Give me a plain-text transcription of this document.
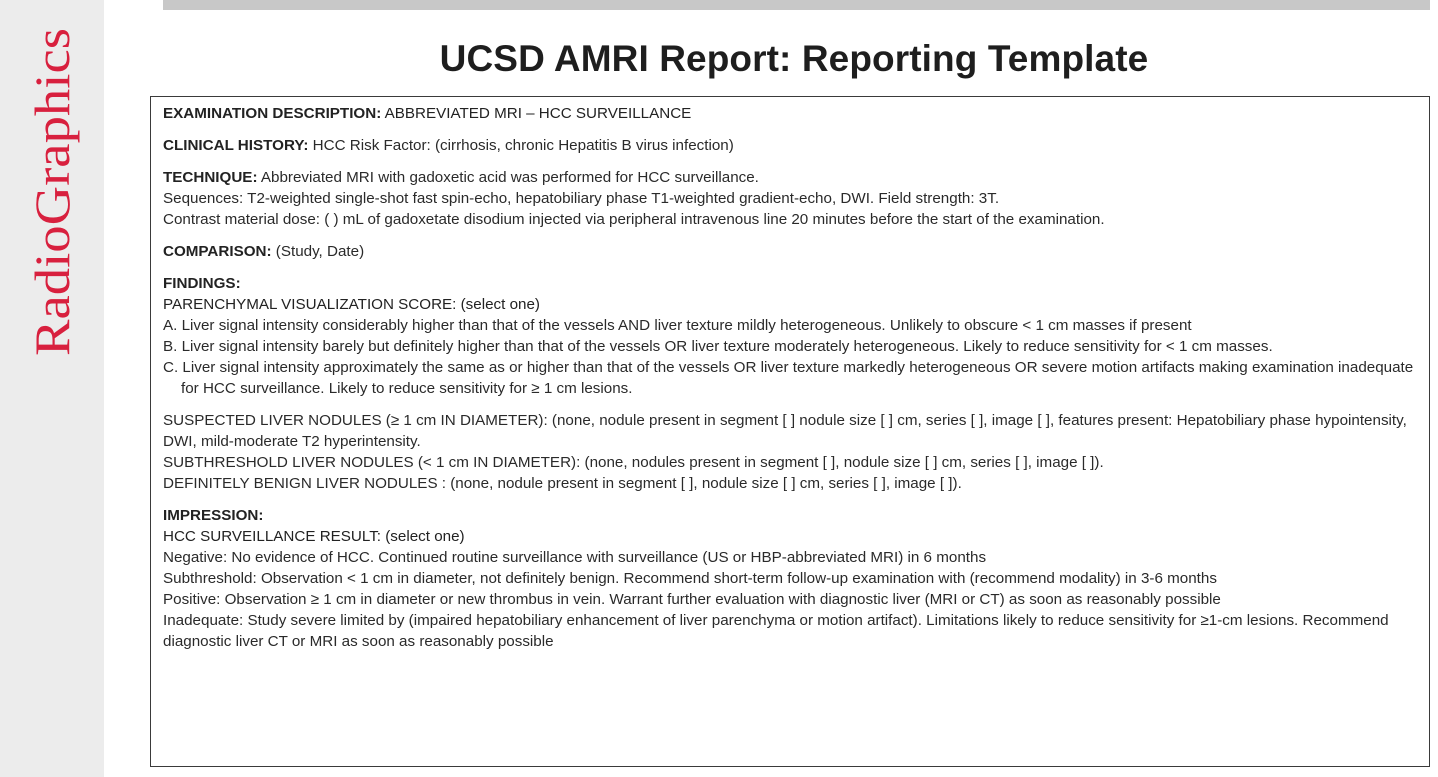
RadioGraphics	UCSD AMRI Report: Reporting Template

EXAMINATION DESCRIPTION: ABBREVIATED MRI – HCC SURVEILLANCE

CLINICAL HISTORY: HCC Risk Factor: (cirrhosis, chronic Hepatitis B virus infection)

TECHNIQUE: Abbreviated MRI with gadoxetic acid was performed for HCC surveillance.

Sequences: T2-weighted single-shot fast spin-echo, hepatobiliary phase T1-weighted gradient-echo, DWI. Field strength: 3T.

Contrast material dose: ( ) mL of gadoxetate disodium injected via peripheral intravenous line 20 minutes before the start of the examination.

COMPARISON: (Study, Date)

FINDINGS:

PARENCHYMAL VISUALIZATION SCORE: (select one)

A. Liver signal intensity considerably higher than that of the vessels AND liver texture mildly heterogeneous. Unlikely to obscure < 1 cm masses if present

B. Liver signal intensity barely but definitely higher than that of the vessels OR liver texture moderately heterogeneous. Likely to reduce sensitivity for < 1 cm masses.

C. Liver signal intensity approximately the same as or higher than that of the vessels OR liver texture markedly heterogeneous OR severe motion artifacts making examination inadequate for HCC surveillance. Likely to reduce sensitivity for ≥ 1 cm lesions.

SUSPECTED LIVER NODULES (≥ 1 cm IN DIAMETER): (none, nodule present in segment [ ] nodule size [ ] cm, series [ ], image [ ], features present: Hepatobiliary phase hypointensity, DWI, mild-moderate T2 hyperintensity.

SUBTHRESHOLD LIVER NODULES (< 1 cm IN DIAMETER): (none, nodules present in segment [ ], nodule size [ ] cm, series [ ], image [ ]).

DEFINITELY BENIGN LIVER NODULES : (none, nodule present in segment [ ], nodule size [ ] cm, series [ ], image [ ]).

IMPRESSION:

HCC SURVEILLANCE RESULT: (select one)

Negative: No evidence of HCC. Continued routine surveillance with surveillance (US or HBP-abbreviated MRI) in 6 months

Subthreshold: Observation < 1 cm in diameter, not definitely benign. Recommend short-term follow-up examination with (recommend modality) in 3-6 months

Positive: Observation ≥ 1 cm in diameter or new thrombus in vein. Warrant further evaluation with diagnostic liver (MRI or CT) as soon as reasonably possible

Inadequate: Study severe limited by (impaired hepatobiliary enhancement of liver parenchyma or motion artifact). Limitations likely to reduce sensitivity for ≥1-cm lesions. Recommend diagnostic liver CT or MRI as soon as reasonably possible
